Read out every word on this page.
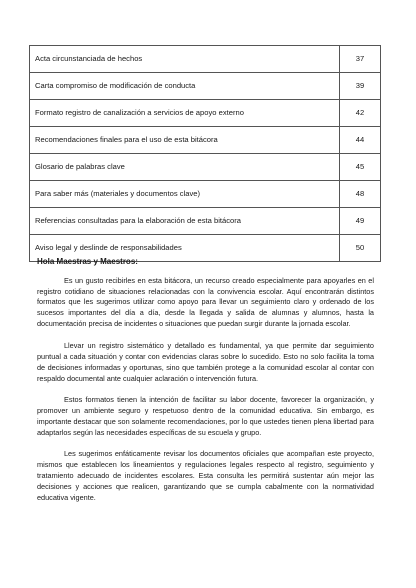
Acta circunstanciada de hechos	37
Carta compromiso de modificación de conducta	39
Formato registro de canalización a servicios de apoyo externo	42
Recomendaciones finales para el uso de esta bitácora	44
Glosario de palabras clave	45
Para saber más (materiales y documentos clave)	48
Referencias consultadas para la elaboración de esta bitácora	49
Aviso legal y deslinde de responsabilidades	50
Hola Maestras y Maestros:

Es un gusto recibirles en esta bitácora, un recurso creado especialmente para apoyarles en el registro cotidiano de situaciones relacionadas con la convivencia escolar. Aquí encontrarán distintos formatos que les sugerimos utilizar como apoyo para llevar un seguimiento claro y ordenado de los sucesos importantes del día a día, desde la llegada y salida de alumnas y alumnos, hasta la documentación precisa de incidentes o situaciones que puedan surgir durante la jornada escolar.

Llevar un registro sistemático y detallado es fundamental, ya que permite dar seguimiento puntual a cada situación y contar con evidencias claras sobre lo sucedido. Esto no solo facilita la toma de decisiones informadas y oportunas, sino que también protege a la comunidad escolar al contar con respaldo documental ante cualquier aclaración o intervención futura.

Estos formatos tienen la intención de facilitar su labor docente, favorecer la organización, y promover un ambiente seguro y respetuoso dentro de la comunidad educativa. Sin embargo, es importante destacar que son solamente recomendaciones, por lo que ustedes tienen plena libertad para adaptarlos según las necesidades específicas de su escuela y grupo.

Les sugerimos enfáticamente revisar los documentos oficiales que acompañan este proyecto, mismos que establecen los lineamientos y regulaciones legales respecto al registro, seguimiento y tratamiento adecuado de incidentes escolares. Esta consulta les permitirá sustentar aún mejor las decisiones y acciones que realicen, garantizando que se cumpla cabalmente con la normatividad educativa vigente.
